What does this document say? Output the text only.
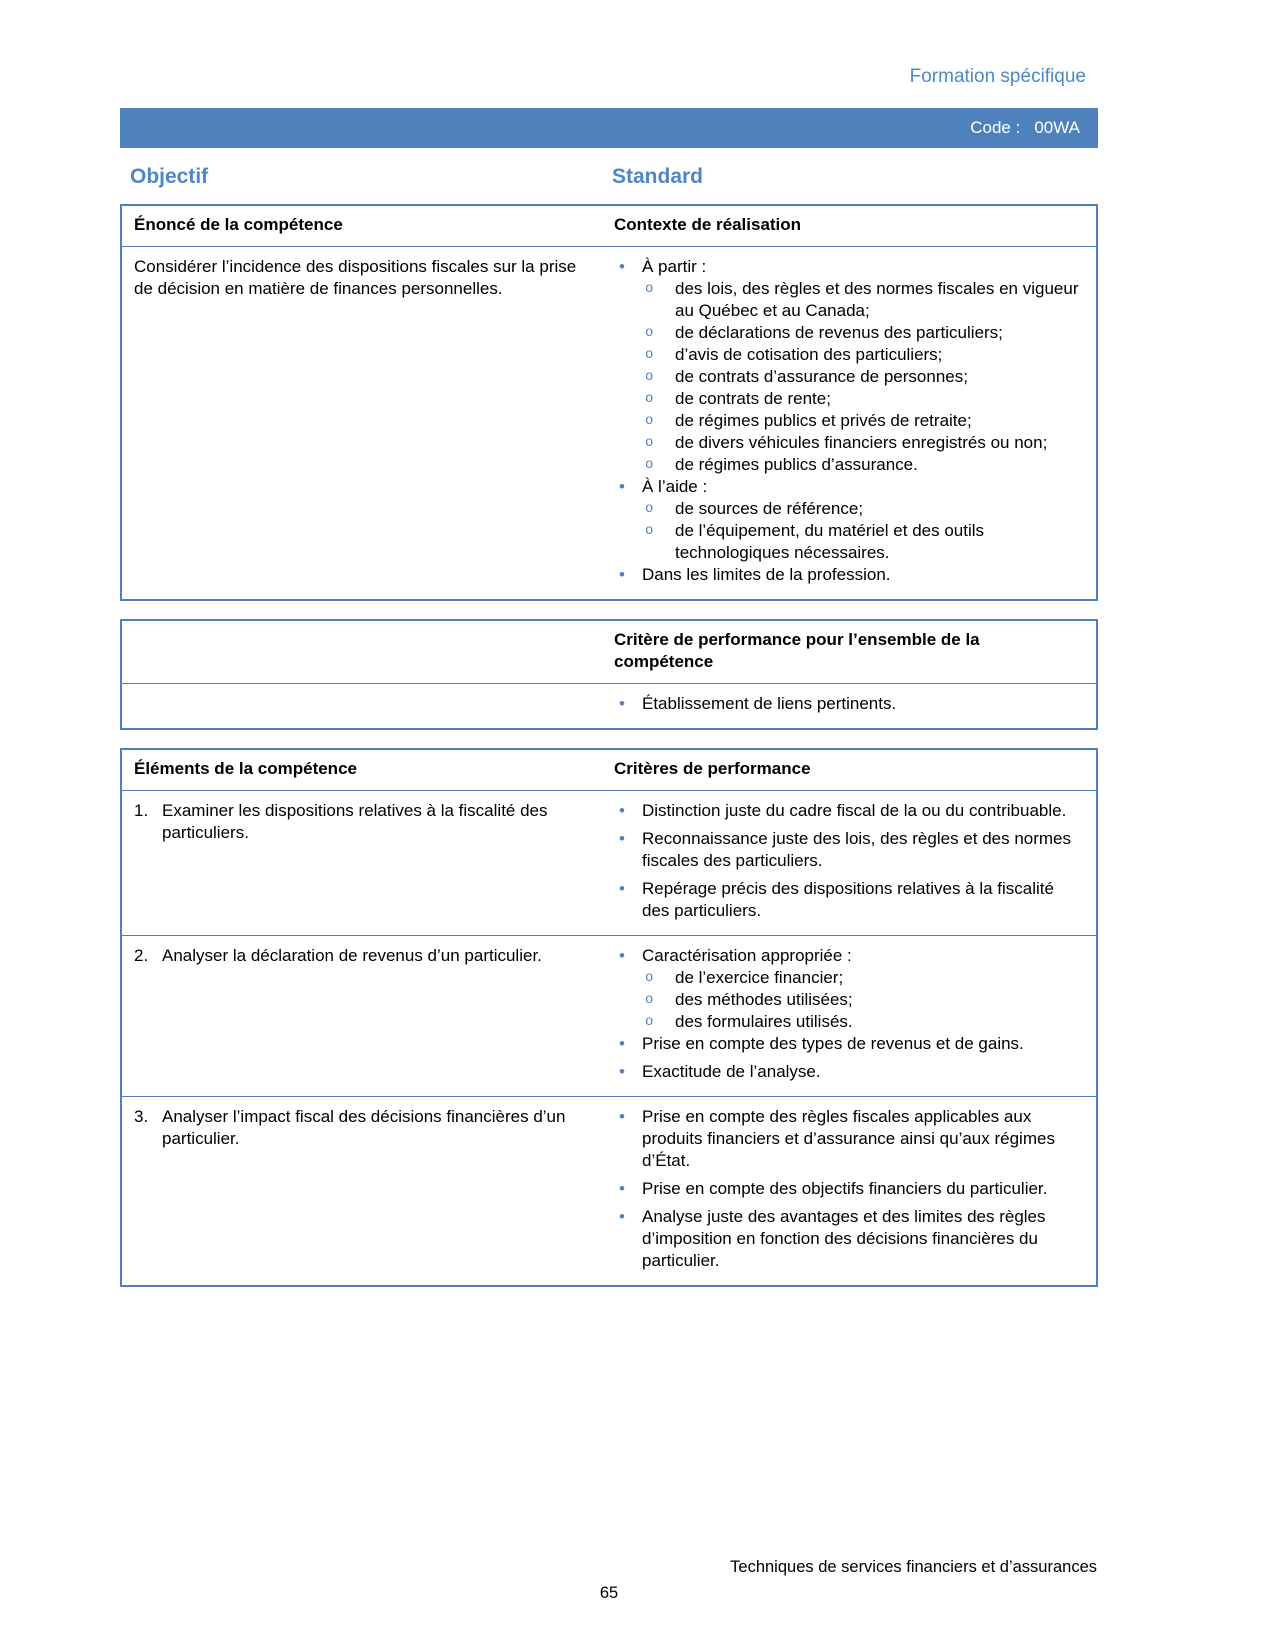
Formation spécifique
Code : 00WA
Objectif	Standard
Énoncé de la compétence	Contexte de réalisation
Considérer l’incidence des dispositions fiscales sur la prise de décision en matière de finances personnelles.
•	À partir :
o	des lois, des règles et des normes fiscales en vigueur au Québec et au Canada;
o	de déclarations de revenus des particuliers;
o	d’avis de cotisation des particuliers;
o	de contrats d’assurance de personnes;
o	de contrats de rente;
o	de régimes publics et privés de retraite;
o	de divers véhicules financiers enregistrés ou non;
o	de régimes publics d’assurance.
•	À l’aide :
o	de sources de référence;
o	de l’équipement, du matériel et des outils technologiques nécessaires.
•	Dans les limites de la profession.
Critère de performance pour l’ensemble de la compétence
•	Établissement de liens pertinents.
Éléments de la compétence	Critères de performance
1. Examiner les dispositions relatives à la fiscalité des particuliers.
•	Distinction juste du cadre fiscal de la ou du contribuable.
•	Reconnaissance juste des lois, des règles et des normes fiscales des particuliers.
•	Repérage précis des dispositions relatives à la fiscalité des particuliers.
2. Analyser la déclaration de revenus d’un particulier.	•	Caractérisation appropriée :
o	de l’exercice financier;
o	des méthodes utilisées;
o	des formulaires utilisés.
•	Prise en compte des types de revenus et de gains.
•	Exactitude de l’analyse.
3. Analyser l’impact fiscal des décisions financières d’un particulier.
•	Prise en compte des règles fiscales applicables aux produits financiers et d’assurance ainsi qu’aux régimes d’État.
•	Prise en compte des objectifs financiers du particulier.
•	Analyse juste des avantages et des limites des règles d’imposition en fonction des décisions financières du particulier.
Techniques de services financiers et d’assurances
65
